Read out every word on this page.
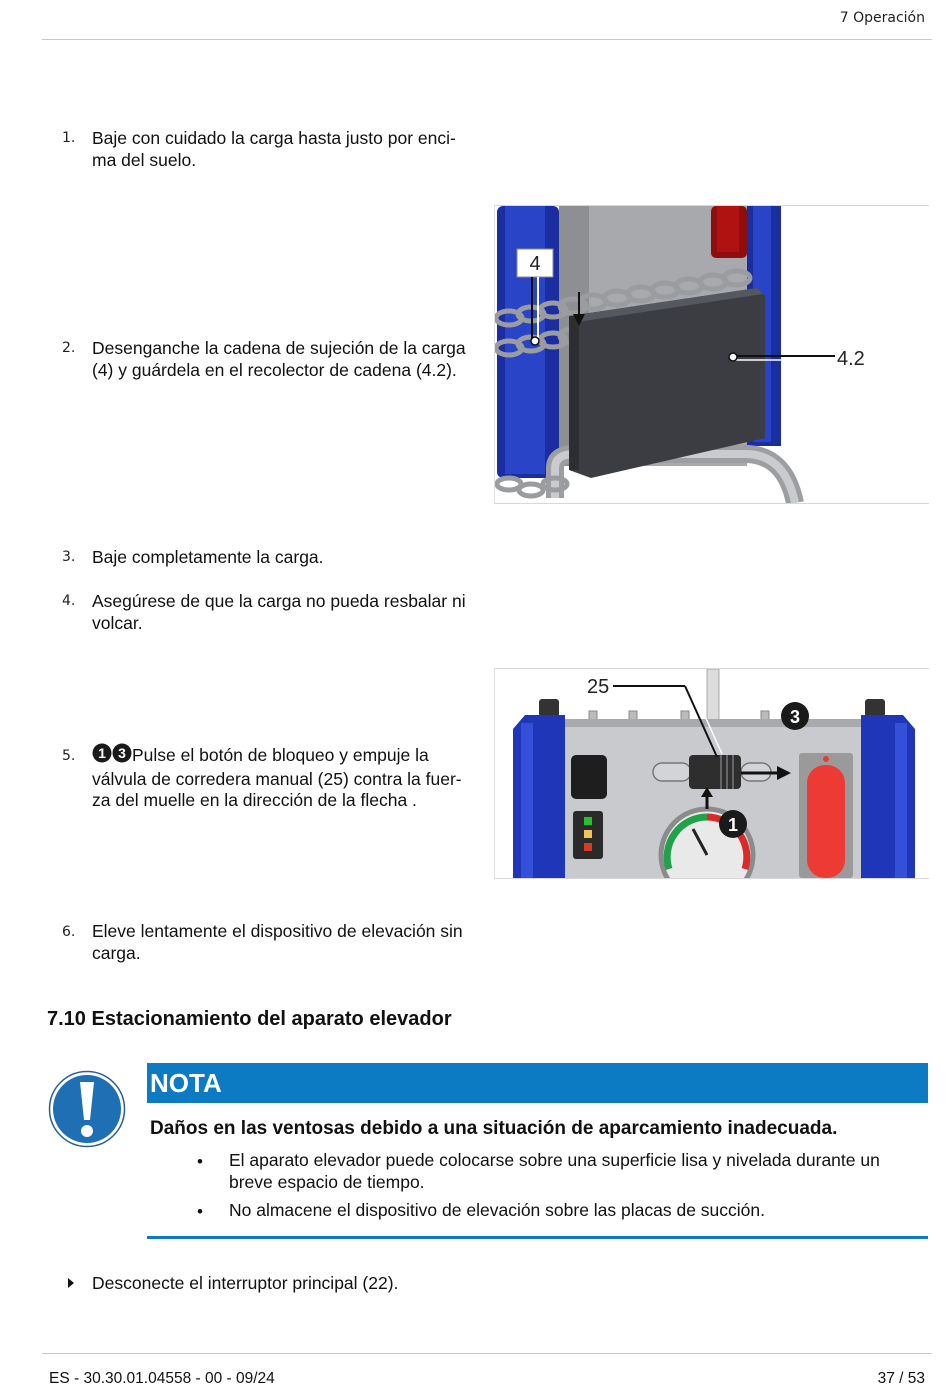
7 Operación
1. Baje con cuidado la carga hasta justo por enci-
ma del suelo.
4
4.2
2. Desenganche la cadena de sujeción de la carga
(4) y guárdela en el recolector de cadena (4.2).
3. Baje completamente la carga.
4. Asegúrese de que la carga no pueda resbalar ni
volcar.
25
3
1
5. 1 3 Pulse el botón de bloqueo y empuje la
válvula de corredera manual (25) contra la fuer-
za del muelle en la dirección de la flecha .
6. Eleve lentamente el dispositivo de elevación sin
carga.
7.10 Estacionamiento del aparato elevador
NOTA
Daños en las ventosas debido a una situación de aparcamiento inadecuada.
• El aparato elevador puede colocarse sobre una superficie lisa y nivelada durante un
breve espacio de tiempo.
• No almacene el dispositivo de elevación sobre las placas de succión.
Desconecte el interruptor principal (22).
ES - 30.30.01.04558 - 00 - 09/24	37 / 53
